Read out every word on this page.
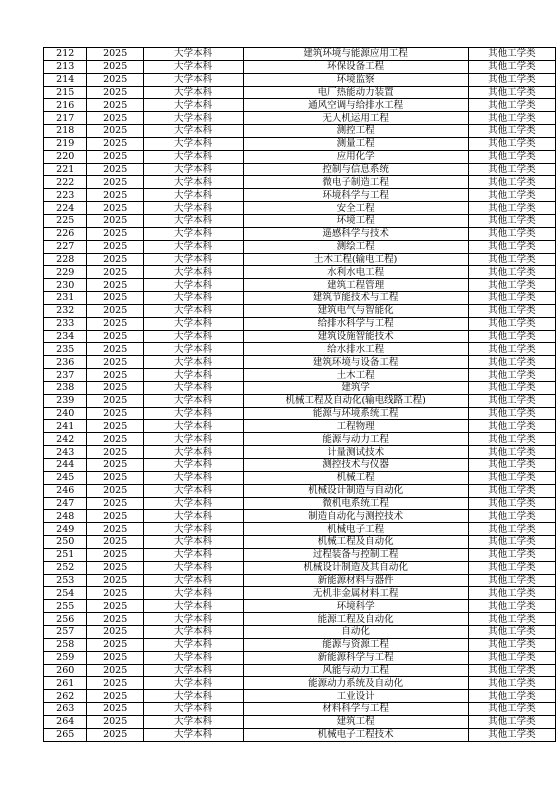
212	2025	大学本科	建筑环境与能源应用工程	其他工学类
213	2025	大学本科	环保设备工程	其他工学类
214	2025	大学本科	环境监察	其他工学类
215	2025	大学本科	电厂热能动力装置	其他工学类
216	2025	大学本科	通风空调与给排水工程	其他工学类
217	2025	大学本科	无人机运用工程	其他工学类
218	2025	大学本科	测控工程	其他工学类
219	2025	大学本科	测量工程	其他工学类
220	2025	大学本科	应用化学	其他工学类
221	2025	大学本科	控制与信息系统	其他工学类
222	2025	大学本科	微电子制造工程	其他工学类
223	2025	大学本科	环境科学与工程	其他工学类
224	2025	大学本科	安全工程	其他工学类
225	2025	大学本科	环境工程	其他工学类
226	2025	大学本科	遥感科学与技术	其他工学类
227	2025	大学本科	测绘工程	其他工学类
228	2025	大学本科	土木工程(输电工程)	其他工学类
229	2025	大学本科	水利水电工程	其他工学类
230	2025	大学本科	建筑工程管理	其他工学类
231	2025	大学本科	建筑节能技术与工程	其他工学类
232	2025	大学本科	建筑电气与智能化	其他工学类
233	2025	大学本科	给排水科学与工程	其他工学类
234	2025	大学本科	建筑设施智能技术	其他工学类
235	2025	大学本科	给水排水工程	其他工学类
236	2025	大学本科	建筑环境与设备工程	其他工学类
237	2025	大学本科	土木工程	其他工学类
238	2025	大学本科	建筑学	其他工学类
239	2025	大学本科	机械工程及自动化(输电线路工程)	其他工学类
240	2025	大学本科	能源与环境系统工程	其他工学类
241	2025	大学本科	工程物理	其他工学类
242	2025	大学本科	能源与动力工程	其他工学类
243	2025	大学本科	计量测试技术	其他工学类
244	2025	大学本科	测控技术与仪器	其他工学类
245	2025	大学本科	机械工程	其他工学类
246	2025	大学本科	机械设计制造与自动化	其他工学类
247	2025	大学本科	微机电系统工程	其他工学类
248	2025	大学本科	制造自动化与测控技术	其他工学类
249	2025	大学本科	机械电子工程	其他工学类
250	2025	大学本科	机械工程及自动化	其他工学类
251	2025	大学本科	过程装备与控制工程	其他工学类
252	2025	大学本科	机械设计制造及其自动化	其他工学类
253	2025	大学本科	新能源材料与器件	其他工学类
254	2025	大学本科	无机非金属材料工程	其他工学类
255	2025	大学本科	环境科学	其他工学类
256	2025	大学本科	能源工程及自动化	其他工学类
257	2025	大学本科	自动化	其他工学类
258	2025	大学本科	能源与资源工程	其他工学类
259	2025	大学本科	新能源科学与工程	其他工学类
260	2025	大学本科	风能与动力工程	其他工学类
261	2025	大学本科	能源动力系统及自动化	其他工学类
262	2025	大学本科	工业设计	其他工学类
263	2025	大学本科	材料科学与工程	其他工学类
264	2025	大学本科	建筑工程	其他工学类
265	2025	大学本科	机械电子工程技术	其他工学类
